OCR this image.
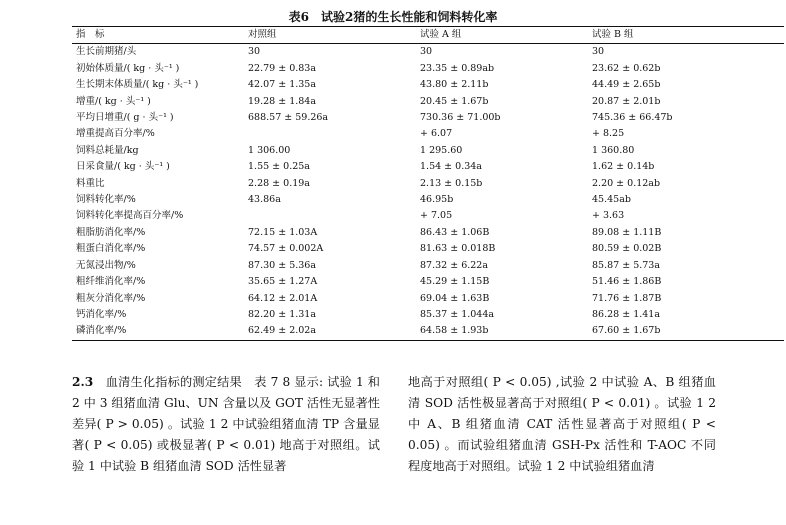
表6　试验2猪的生长性能和饲料转化率
指　标	对照组	试验 A 组	试验 B 组
生长前期猪/头	30	30	30
初始体质量/( kg · 头⁻¹ )	22.79 ± 0.83a	23.35 ± 0.89ab	23.62 ± 0.62b
生长期末体质量/( kg · 头⁻¹ )	42.07 ± 1.35a	43.80 ± 2.11b	44.49 ± 2.65b
增重/( kg · 头⁻¹ )	19.28 ± 1.84a	20.45 ± 1.67b	20.87 ± 2.01b
平均日增重/( g · 头⁻¹ )	688.57 ± 59.26a	730.36 ± 71.00b	745.36 ± 66.47b
增重提高百分率/%		+ 6.07	+ 8.25
饲料总耗量/kg	1 306.00	1 295.60	1 360.80
日采食量/( kg · 头⁻¹ )	1.55 ± 0.25a	1.54 ± 0.34a	1.62 ± 0.14b
料重比	2.28 ± 0.19a	2.13 ± 0.15b	2.20 ± 0.12ab
饲料转化率/%	43.86a	46.95b	45.45ab
饲料转化率提高百分率/%		+ 7.05	+ 3.63
粗脂肪消化率/%	72.15 ± 1.03A	86.43 ± 1.06B	89.08 ± 1.11B
粗蛋白消化率/%	74.57 ± 0.002A	81.63 ± 0.018B	80.59 ± 0.02B
无氮浸出物/%	87.30 ± 5.36a	87.32 ± 6.22a	85.87 ± 5.73a
粗纤维消化率/%	35.65 ± 1.27A	45.29 ± 1.15B	51.46 ± 1.86B
粗灰分消化率/%	64.12 ± 2.01A	69.04 ± 1.63B	71.76 ± 1.87B
钙消化率/%	82.20 ± 1.31a	85.37 ± 1.044a	86.28 ± 1.41a
磷消化率/%	62.49 ± 2.02a	64.58 ± 1.93b	67.60 ± 1.67b

2.3　 血清生化指标的测定结果　表 7 8 显示: 试验 1 和 2 中 3 组猪血清 Glu、UN 含量以及 GOT 活性无显著性差异( P > 0.05) 。试验 1 2 中试验组猪血清 TP 含量显著( P < 0.05) 或极显著( P < 0.01) 地高于对照组。试验 1 中试验 B 组猪血清 SOD 活性显著

地高于对照组( P < 0.05) ,试验 2 中试验 A、B 组猪血清 SOD 活性极显著高于对照组( P < 0.01) 。试验 1 2 中 A、B 组猪血清 CAT 活性显著高于对照组( P < 0.05) 。而试验组猪血清 GSH-Px 活性和 T-AOC 不同程度地高于对照组。试验 1 2 中试验组猪血清
